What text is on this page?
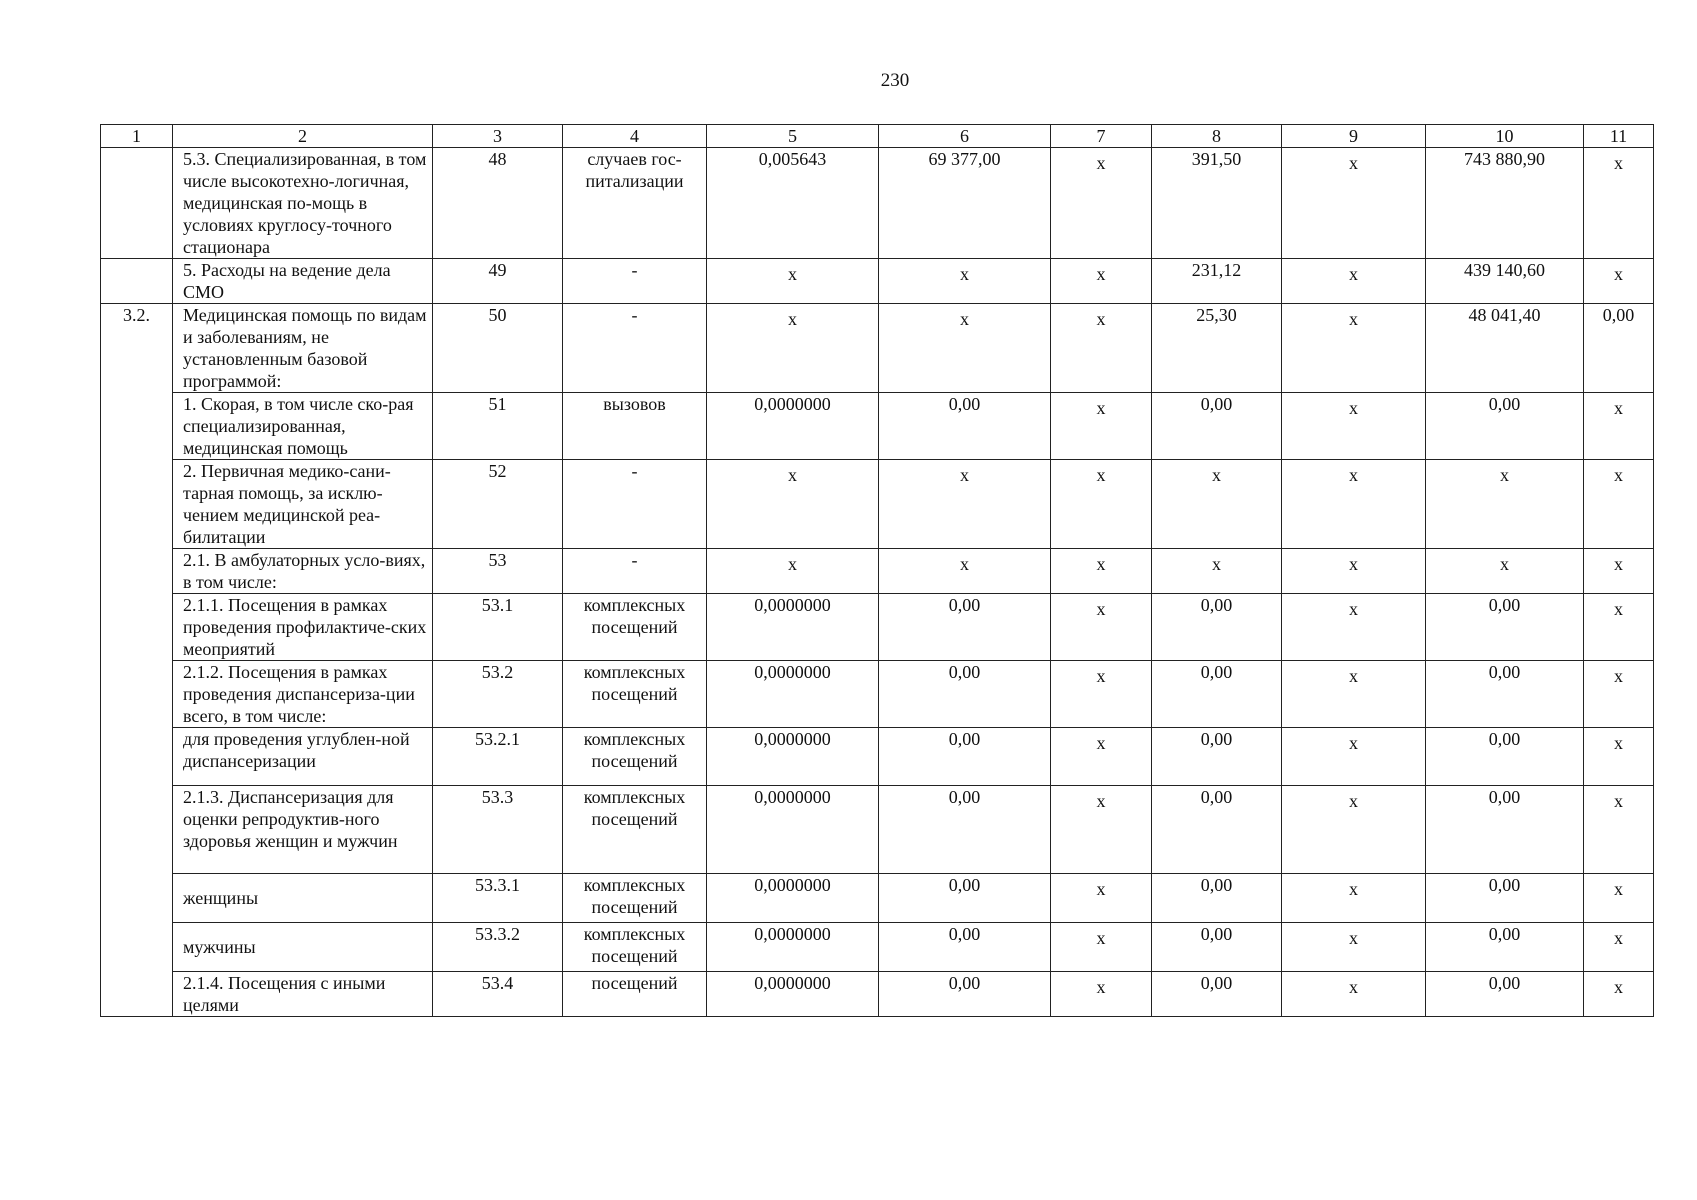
230
1	2	3	4	5	6	7	8	9	10	11
	5.3. Специализированная, в том числе высокотехно-логичная, медицинская по-мощь в условиях круглосу-точного стационара	48	случаев гос-питализации	0,005643	69 377,00	х	391,50	х	743 880,90	х
	5. Расходы на ведение дела СМО	49	-	х	х	х	231,12	х	439 140,60	х
3.2.	Медицинская помощь по видам и заболеваниям, не установленным базовой программой:	50	-	х	х	х	25,30	х	48 041,40	0,00
	1. Скорая, в том числе ско-рая специализированная, медицинская помощь	51	вызовов	0,0000000	0,00	х	0,00	х	0,00	х
	2. Первичная медико-сани-тарная помощь, за исклю-чением медицинской реа-билитации	52	-	х	х	х	х	х	х	х
	2.1. В амбулаторных усло-виях, в том числе:	53	-	х	х	х	х	х	х	х
	2.1.1. Посещения в рамках проведения профилактиче-ских меоприятий	53.1	комплексных посещений	0,0000000	0,00	х	0,00	х	0,00	х
	2.1.2. Посещения в рамках проведения диспансеризa-ции всего, в том числе:	53.2	комплексных посещений	0,0000000	0,00	х	0,00	х	0,00	х
	для проведения углублен-ной диспансеризации	53.2.1	комплексных посещений	0,0000000	0,00	х	0,00	х	0,00	х
	2.1.3. Диспансеризация для оценки репродуктив-ного здоровья женщин и мужчин	53.3	комплексных посещений	0,0000000	0,00	х	0,00	х	0,00	х
	женщины	53.3.1	комплексных посещений	0,0000000	0,00	х	0,00	х	0,00	х
	мужчины	53.3.2	комплексных посещений	0,0000000	0,00	х	0,00	х	0,00	х
	2.1.4. Посещения с иными целями	53.4	посещений	0,0000000	0,00	х	0,00	х	0,00	х
